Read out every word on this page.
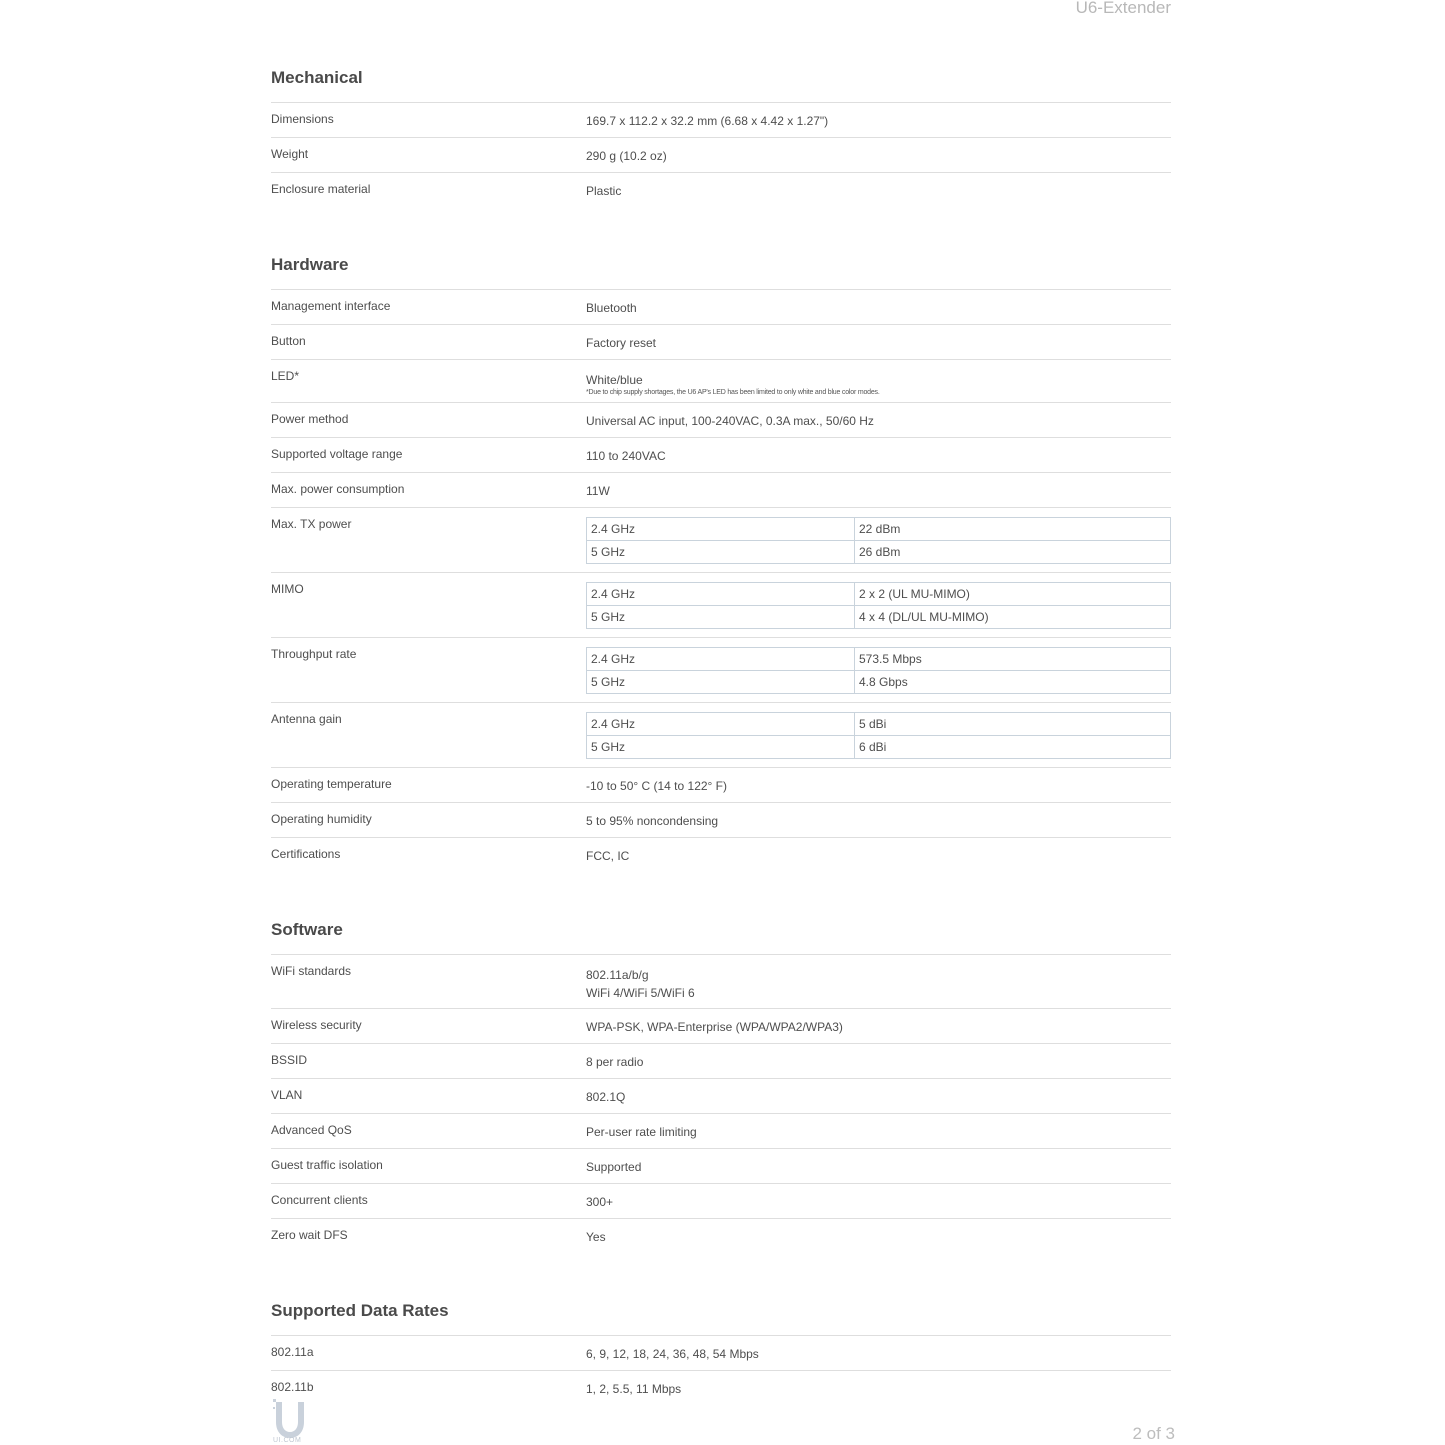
U6-Extender
Mechanical
Dimensions	169.7 x 112.2 x 32.2 mm (6.68 x 4.42 x 1.27")
Weight	290 g (10.2 oz)
Enclosure material	Plastic
Hardware
Management interface	Bluetooth
Button	Factory reset
LED*	White/blue
*Due to chip supply shortages, the U6 AP's LED has been limited to only white and blue color modes.
Power method	Universal AC input, 100-240VAC, 0.3A max., 50/60 Hz
Supported voltage range	110 to 240VAC
Max. power consumption	11W
Max. TX power	2.4 GHz	22 dBm
5 GHz	26 dBm
MIMO	2.4 GHz	2 x 2 (UL MU-MIMO)
5 GHz	4 x 4 (DL/UL MU-MIMO)
Throughput rate	2.4 GHz	573.5 Mbps
5 GHz	4.8 Gbps
Antenna gain	2.4 GHz	5 dBi
5 GHz	6 dBi
Operating temperature	-10 to 50° C (14 to 122° F)
Operating humidity	5 to 95% noncondensing
Certifications	FCC, IC
Software
WiFi standards	802.11a/b/g
WiFi 4/WiFi 5/WiFi 6
Wireless security	WPA-PSK, WPA-Enterprise (WPA/WPA2/WPA3)
BSSID	8 per radio
VLAN	802.1Q
Advanced QoS	Per-user rate limiting
Guest traffic isolation	Supported
Concurrent clients	300+
Zero wait DFS	Yes
Supported Data Rates
802.11a	6, 9, 12, 18, 24, 36, 48, 54 Mbps
802.11b	1, 2, 5.5, 11 Mbps
UI.COM	2 of 3
